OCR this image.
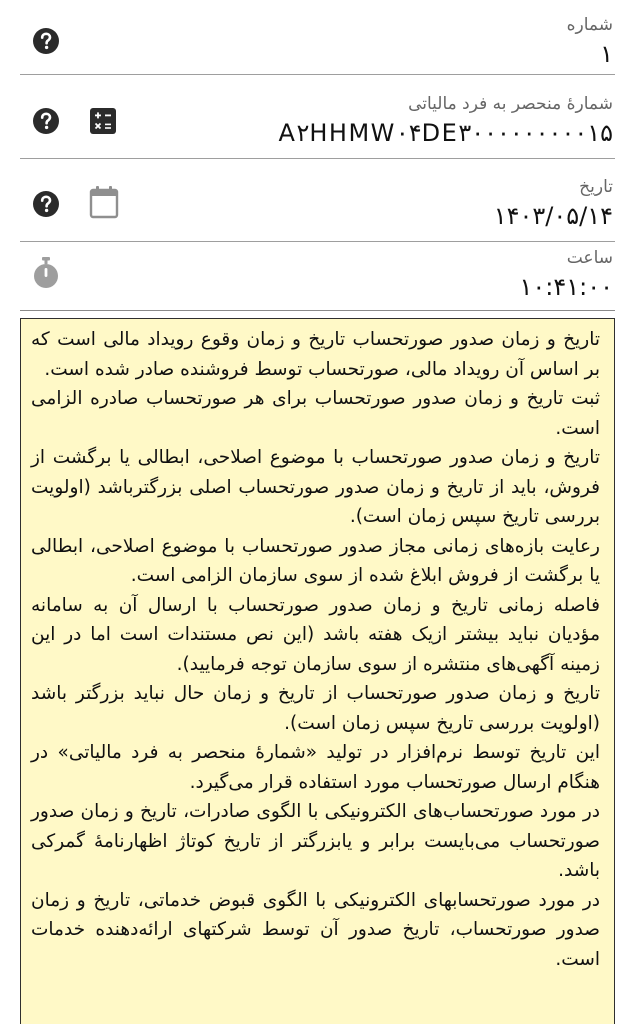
شماره
۱
شمارهٔ منحصر به فرد مالیاتی
A۲HHMW۰۴DE۳۰۰۰۰۰۰۰۰۰۱۵
تاریخ
۱۴۰۳/۰۵/۱۴
ساعت
۱۰:۴۱:۰۰

تاریخ و زمان صدور صورتحساب تاریخ و زمان وقوع رویداد مالی است که بر اساس آن رویداد مالی، صورتحساب توسط فروشنده صادر شده است.

ثبت تاریخ و زمان صدور صورتحساب برای هر صورتحساب صادره الزامی است.

تاریخ و زمان صدور صورتحساب با موضوع اصلاحی، ابطالی یا برگشت از فروش، باید از تاریخ و زمان صدور صورتحساب اصلی بزرگترباشد (اولویت بررسی تاریخ سپس زمان است).

رعایت بازه‌های زمانی مجاز صدور صورتحساب با موضوع اصلاحی، ابطالی یا برگشت از فروش ابلاغ شده از سوی سازمان الزامی است.

فاصله زمانی تاریخ و زمان صدور صورتحساب با ارسال آن به سامانه مؤدیان نباید بیشتر ازیک هفته باشد (این نص مستندات است اما در این زمینه آگهی‌های منتشره از سوی سازمان توجه فرمایید).

تاریخ و زمان صدور صورتحساب از تاریخ و زمان حال نباید بزرگتر باشد (اولویت بررسی تاریخ سپس زمان است).

این تاریخ توسط نرم‌افزار در تولید «شمارهٔ منحصر به فرد مالیاتی» در هنگام ارسال صورتحساب مورد استفاده قرار می‌گیرد.

در مورد صورتحساب‌های الکترونیکی با الگوی صادرات، تاریخ و زمان صدور صورتحساب می‌بایست برابر و یابزرگتر از تاریخ کوتاژ اظهارنامهٔ گمرکی باشد.

در مورد صورتحسابهای الکترونیکی با الگوی قبوض خدماتی، تاریخ و زمان صدور صورتحساب، تاریخ صدور آن توسط شرکتهای ارائه‌دهنده خدمات است.
